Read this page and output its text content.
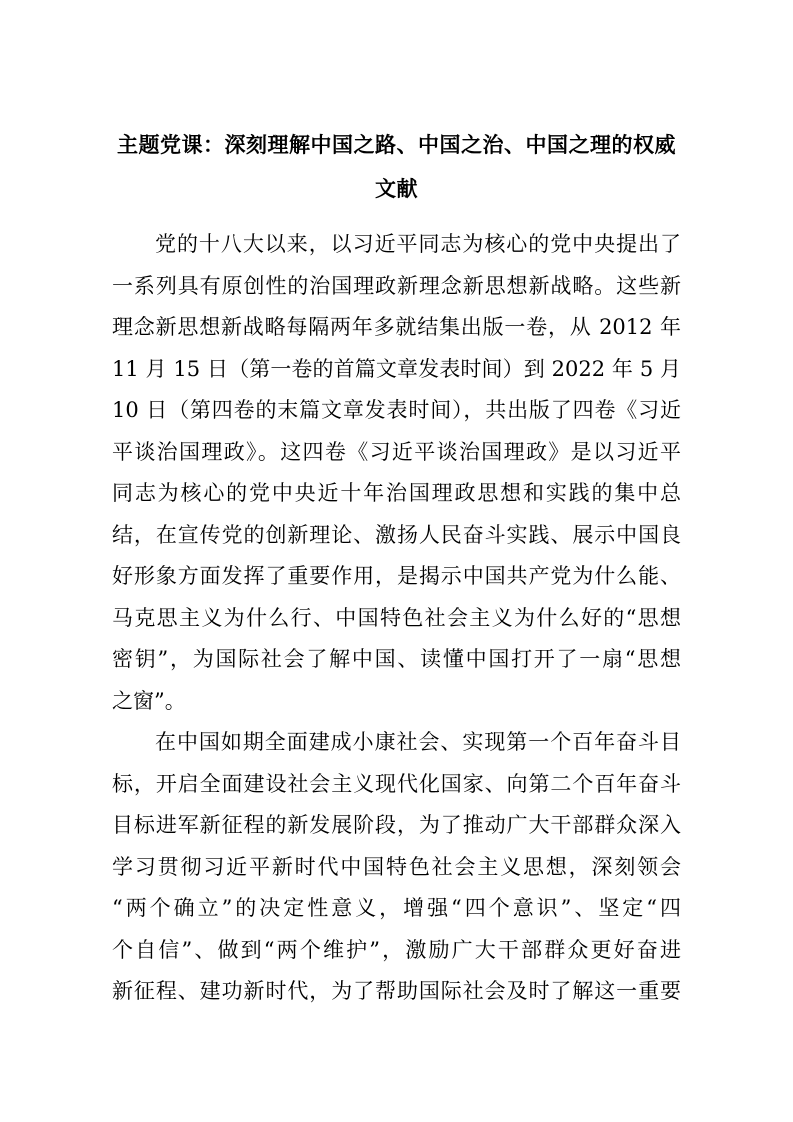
主题党课：深刻理解中国之路、中国之治、中国之理的权威
文献
党的十八大以来，以习近平同志为核心的党中央提出了
一系列具有原创性的治国理政新理念新思想新战略。这些新
理念新思想新战略每隔两年多就结集出版一卷，从 2012 年
11 月 15 日（第一卷的首篇文章发表时间）到 2022 年 5 月
10 日（第四卷的末篇文章发表时间），共出版了四卷《习近
平谈治国理政》。这四卷《习近平谈治国理政》是以习近平
同志为核心的党中央近十年治国理政思想和实践的集中总
结，在宣传党的创新理论、激扬人民奋斗实践、展示中国良
好形象方面发挥了重要作用，是揭示中国共产党为什么能、
马克思主义为什么行、中国特色社会主义为什么好的“思想
密钥”，为国际社会了解中国、读懂中国打开了一扇“思想
之窗”。
在中国如期全面建成小康社会、实现第一个百年奋斗目
标，开启全面建设社会主义现代化国家、向第二个百年奋斗
目标进军新征程的新发展阶段，为了推动广大干部群众深入
学习贯彻习近平新时代中国特色社会主义思想，深刻领会
“两个确立”的决定性意义，增强“四个意识”、坚定“四
个自信”、做到“两个维护”，激励广大干部群众更好奋进
新征程、建功新时代，为了帮助国际社会及时了解这一重要
